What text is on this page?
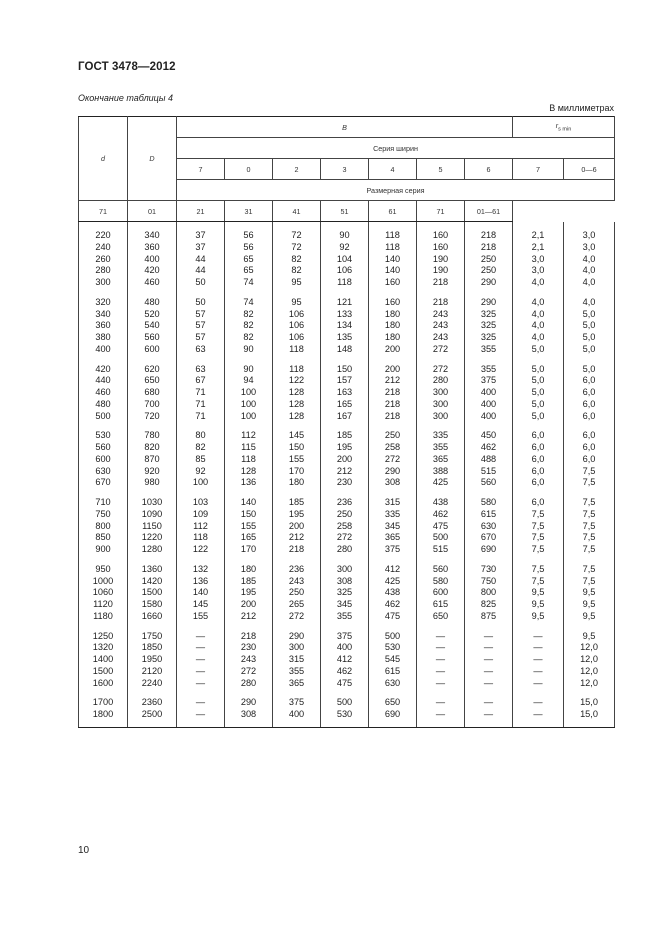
ГОСТ 3478—2012
Окончание таблицы 4
В миллиметрах
d	D	B							$r_{s min}$
		Серия ширин								
		7	0	2	3	4	5	6	7	0—6
		Размерная серия								
71	01	21	31	41	51	61	71	01—61		
220	340	37	56	72	90	118	160	218	2,1	3,0
240	360	37	56	72	92	118	160	218	2,1	3,0
260	400	44	65	82	104	140	190	250	3,0	4,0
280	420	44	65	82	106	140	190	250	3,0	4,0
300	460	50	74	95	118	160	218	290	4,0	4,0
320	480	50	74	95	121	160	218	290	4,0	4,0
340	520	57	82	106	133	180	243	325	4,0	5,0
360	540	57	82	106	134	180	243	325	4,0	5,0
380	560	57	82	106	135	180	243	325	4,0	5,0
400	600	63	90	118	148	200	272	355	5,0	5,0
420	620	63	90	118	150	200	272	355	5,0	5,0
440	650	67	94	122	157	212	280	375	5,0	6,0
460	680	71	100	128	163	218	300	400	5,0	6,0
480	700	71	100	128	165	218	300	400	5,0	6,0
500	720	71	100	128	167	218	300	400	5,0	6,0
530	780	80	112	145	185	250	335	450	6,0	6,0
560	820	82	115	150	195	258	355	462	6,0	6,0
600	870	85	118	155	200	272	365	488	6,0	6,0
630	920	92	128	170	212	290	388	515	6,0	7,5
670	980	100	136	180	230	308	425	560	6,0	7,5
710	1030	103	140	185	236	315	438	580	6,0	7,5
750	1090	109	150	195	250	335	462	615	7,5	7,5
800	1150	112	155	200	258	345	475	630	7,5	7,5
850	1220	118	165	212	272	365	500	670	7,5	7,5
900	1280	122	170	218	280	375	515	690	7,5	7,5
950	1360	132	180	236	300	412	560	730	7,5	7,5
1000	1420	136	185	243	308	425	580	750	7,5	7,5
1060	1500	140	195	250	325	438	600	800	9,5	9,5
1120	1580	145	200	265	345	462	615	825	9,5	9,5
1180	1660	155	212	272	355	475	650	875	9,5	9,5
1250	1750	—	218	290	375	500	—	—	—	9,5
1320	1850	—	230	300	400	530	—	—	—	12,0
1400	1950	—	243	315	412	545	—	—	—	12,0
1500	2120	—	272	355	462	615	—	—	—	12,0
1600	2240	—	280	365	475	630	—	—	—	12,0
1700	2360	—	290	375	500	650	—	—	—	15,0
1800	2500	—	308	400	530	690	—	—	—	15,0
10
